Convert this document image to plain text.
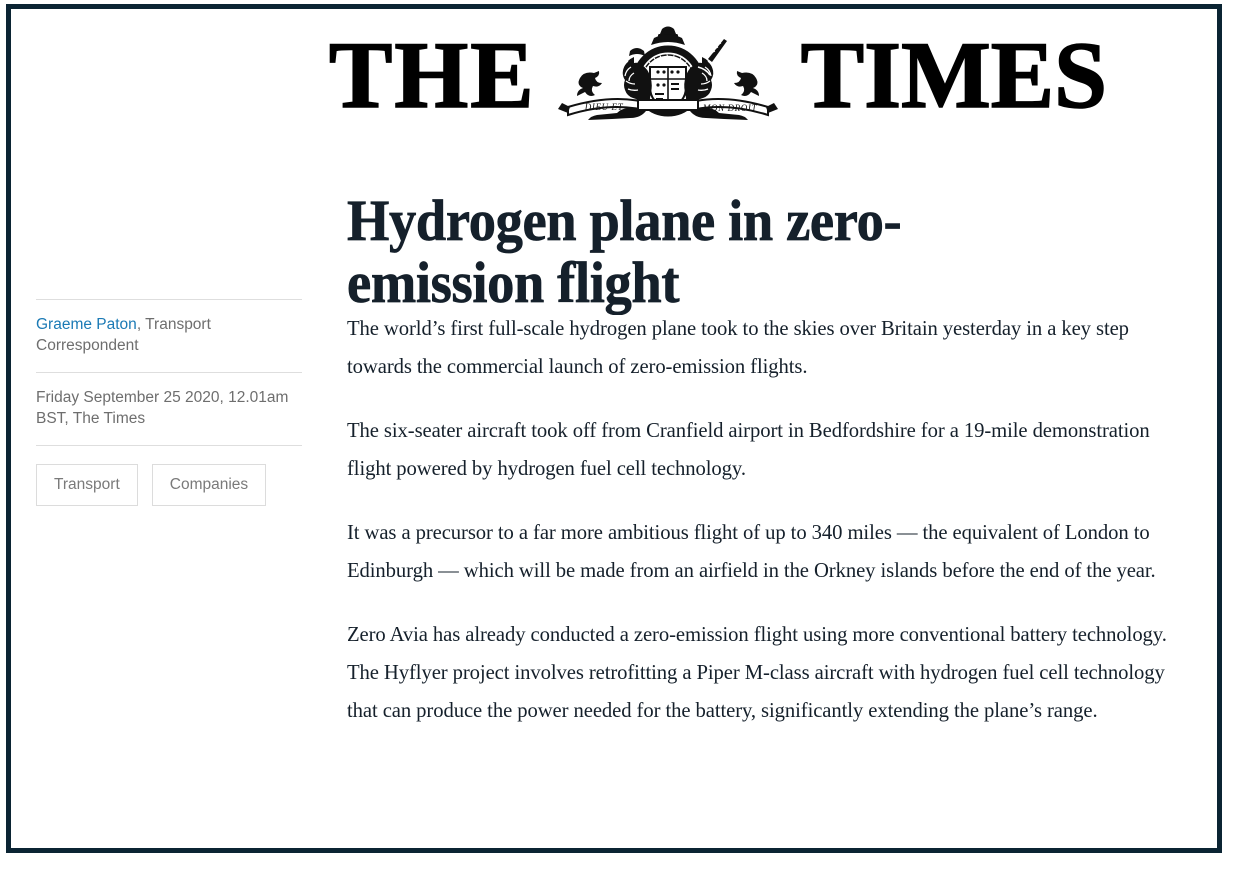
THE	DIEU ET	MON DROIT TIMES
Hydrogen plane in zero-emission flight
Graeme Paton, Transport Correspondent
Friday September 25 2020, 12.01am BST, The Times
Transport	Companies

The world’s first full-scale hydrogen plane took to the skies over Britain yesterday in a key step towards the commercial launch of zero-emission flights.

The six-seater aircraft took off from Cranfield airport in Bedfordshire for a 19-mile demonstration flight powered by hydrogen fuel cell technology.

It was a precursor to a far more ambitious flight of up to 340 miles — the equivalent of London to Edinburgh — which will be made from an airfield in the Orkney islands before the end of the year.

Zero Avia has already conducted a zero-emission flight using more conventional battery technology. The Hyflyer project involves retrofitting a Piper M-class aircraft with hydrogen fuel cell technology that can produce the power needed for the battery, significantly extending the plane’s range.
